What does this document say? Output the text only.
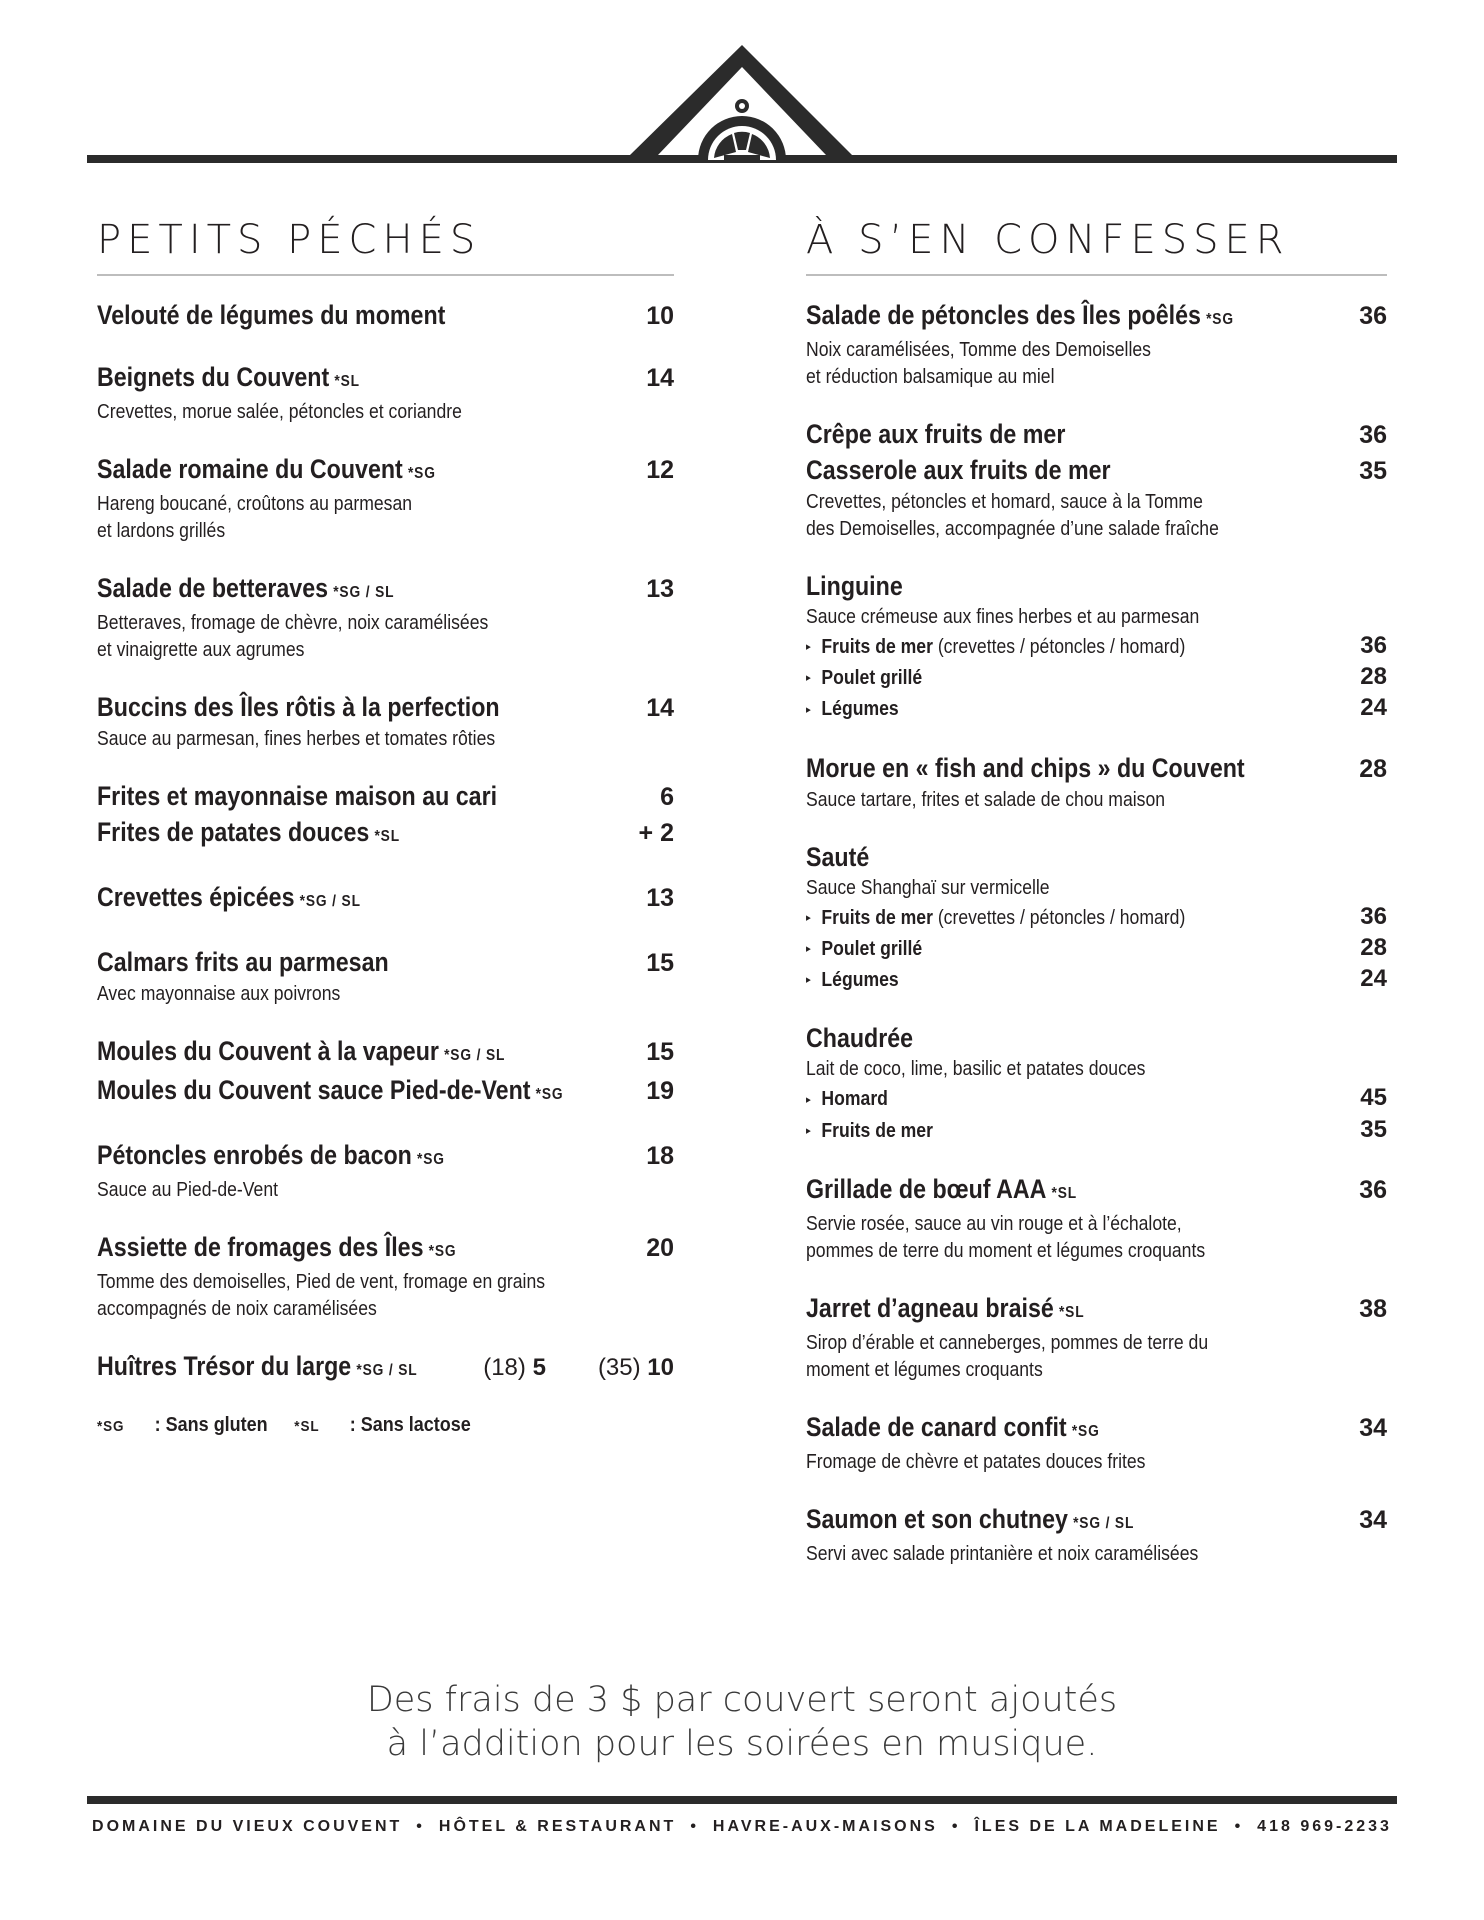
PETITS PÉCHÉS
Velouté de légumes du moment	10
Beignets du Couvent *SL	14
Crevettes, morue salée, pétoncles et coriandre
Salade romaine du Couvent *SG	12
Hareng boucané, croûtons au parmesan
et lardons grillés
Salade de betteraves *SG / SL	13
Betteraves, fromage de chèvre, noix caramélisées
et vinaigrette aux agrumes
Buccins des Îles rôtis à la perfection	14
Sauce au parmesan, fines herbes et tomates rôties
Frites et mayonnaise maison au cari	6
Frites de patates douces *SL	+ 2
Crevettes épicées *SG / SL	13
Calmars frits au parmesan	15
Avec mayonnaise aux poivrons
Moules du Couvent à la vapeur *SG / SL	15
Moules du Couvent sauce Pied-de-Vent *SG	19
Pétoncles enrobés de bacon *SG	18
Sauce au Pied-de-Vent
Assiette de fromages des Îles *SG	20
Tomme des demoiselles, Pied de vent, fromage en grains
accompagnés de noix caramélisées
Huîtres Trésor du large *SG / SL	(18) 5 (35) 10
*SG : Sans gluten *SL : Sans lactose
À S’EN CONFESSER
Salade de pétoncles des Îles poêlés *SG	36
Noix caramélisées, Tomme des Demoiselles
et réduction balsamique au miel
Crêpe aux fruits de mer	36
Casserole aux fruits de mer	35
Crevettes, pétoncles et homard, sauce à la Tomme
des Demoiselles, accompagnée d’une salade fraîche
Linguine
Sauce crémeuse aux fines herbes et au parmesan
▸ Fruits de mer (crevettes / pétoncles / homard)	36
▸ Poulet grillé	28
▸ Légumes	24
Morue en « fish and chips » du Couvent	28
Sauce tartare, frites et salade de chou maison
Sauté
Sauce Shanghaï sur vermicelle
▸ Fruits de mer (crevettes / pétoncles / homard)	36
▸ Poulet grillé	28
▸ Légumes	24
Chaudrée
Lait de coco, lime, basilic et patates douces
▸ Homard	45
▸ Fruits de mer	35
Grillade de bœuf AAA *SL	36
Servie rosée, sauce au vin rouge et à l’échalote,
pommes de terre du moment et légumes croquants
Jarret d’agneau braisé *SL	38
Sirop d’érable et canneberges, pommes de terre du
moment et légumes croquants
Salade de canard confit *SG	34
Fromage de chèvre et patates douces frites
Saumon et son chutney *SG / SL	34
Servi avec salade printanière et noix caramélisées
Des frais de 3 $ par couvert seront ajoutés
à l’addition pour les soirées en musique.
DOMAINE DU VIEUX COUVENT • HÔTEL & RESTAURANT • HAVRE-AUX-MAISONS • ÎLES DE LA MADELEINE • 418 969-2233
